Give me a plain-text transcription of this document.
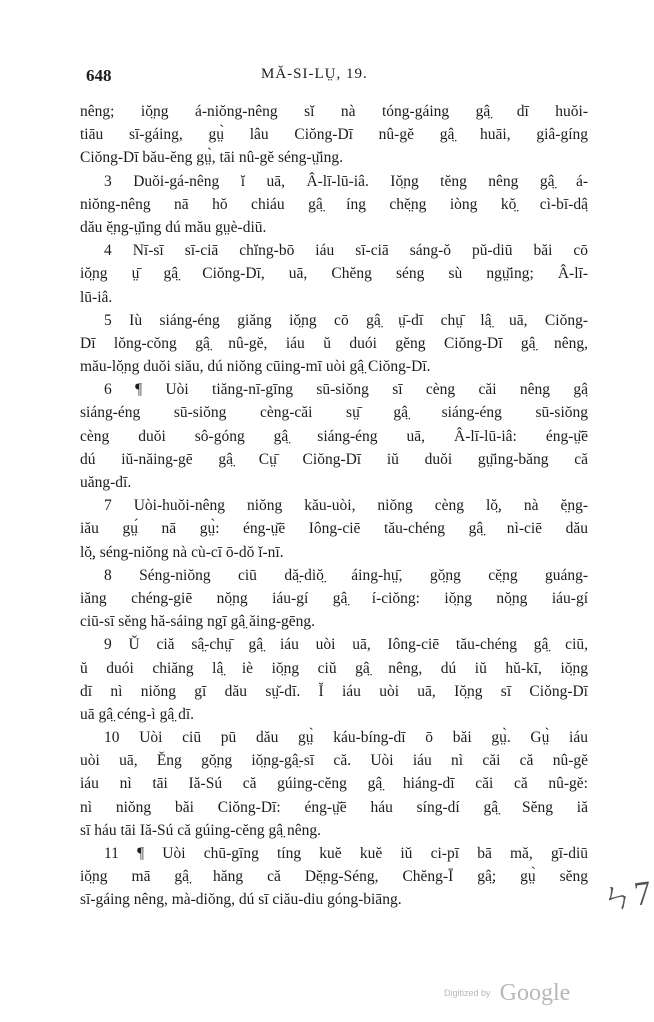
648	MĂ-SI-LṲ, 19.
nêng; iŏ̤ng á-niŏng-nêng sĭ nà tóng-gáing gâ̤ dī huŏi-
tiāu sī-gáing, gṳ̀ lâu Ciŏng-Dī nû-gĕ gâ̤ huāi, giâ-gíng
Ciŏng-Dī bău-ĕng gṳ̀, tāi nû-gĕ séng-ṳ̆ing.
3 Duŏi-gá-nêng ĭ uā, Â-lī-lū-iâ. Iŏ̤ng tĕng nêng gâ̤ á-
niŏng-nêng nā hŏ chiáu gâ̤ íng chĕ̤ng iòng kŏ̤ cì-bī-dâ̤
dău ĕ̤ng-ṳ̆ing dú mău gṳè-diū.
4 Nī-sī sī-ciā chĭng-bō iáu sī-ciā sáng-ŏ pŭ-diū băi cō
iŏ̤ng ṳ̄ gâ̤ Ciŏng-Dī, uā, Chĕng séng sù ngṳ̆ing; Â-lī-
lū-iâ.
5 Iù siáng-éng giăng iŏ̤ng cō gâ̤ ṳ̄-dī chṳ̄ lâ̤ uā, Ciŏng-
Dī lŏng-cŏng gâ̤ nû-gĕ, iáu ŭ duói gĕng Ciŏng-Dī gâ̤ nêng,
mău-lŏ̤ng duŏi siău, dú niŏng cūing-mī uòi gâ̤ Ciŏng-Dī.
6 ¶ Uòi tiăng-nī-gīng sū-siŏng sī cèng căi nêng gâ̤
siáng-éng sū-siŏng cèng-căi sṳ̄ gâ̤ siáng-éng sū-siŏng
cèng duŏi sô-góng gâ̤ siáng-éng uā, Â-lī-lū-iâ: éng-ṳ̆ē
dú iŭ-năing-gē gâ̤ Cṳ̄ Ciŏng-Dī iŭ duŏi gṳ̆ing-băng că
uăng-dī.
7 Uòi-huŏi-nêng niŏng kău-uòi, niŏng cèng lŏ̤, nà ĕ̤ng-
iău gṳ́ nā gṳ̀: éng-ṳ̆ē Iông-ciē tău-chéng gâ̤ nì-ciē dău
lŏ̤, séng-niŏng nà cù-cī ō-dŏ ĭ-nī.
8 Séng-niŏng ciū dă̤-diŏ̤ áing-hṳ̄, gŏ̤ng cĕ̤ng guáng-
iăng chéng-giē nŏ̤ng iáu-gí gâ̤ í-ciŏng: iŏ̤ng nŏ̤ng iáu-gí
ciū-sī sĕng hă-sáing ngī gâ̤ ăing-gēng.
9 Ŭ ciă sâ̤-chṳ̄ gâ̤ iáu uòi uā, Iông-ciē tău-chéng gâ̤ ciū,
ŭ duói chiăng lâ̤ iè iŏ̤ng ciŭ gâ̤ nêng, dú iŭ hŭ-kī, iŏ̤ng
dī nì niŏng gī dău sṳ̆-dī. Ĭ iáu uòi uā, Iŏ̤ng sī Ciŏng-Dī
uā gâ̤ céng-ì gâ̤ dī.
10 Uòi ciū pū dău gṳ̀ káu-bíng-dī ō băi gṳ̀. Gṳ̀ iáu
uòi uā, Ĕng gŏ̤ng iŏ̤ng-gâ̤-sī că. Uòi iáu nì căi că nû-gĕ
iáu nì tāi Iă-Sú că gúing-cĕng gâ̤ hiáng-dī căi că nû-gĕ:
nì niŏng băi Ciŏng-Dī: éng-ṳ̆ē háu síng-dí gâ̤ Sĕng iă
sī háu tāi Iă-Sú că gúing-cĕng gâ̤ nêng.
11 ¶ Uòi chū-gīng tíng kuĕ kuĕ iŭ ci-pī bā mă, gī-diū
iŏ̤ng mā gâ̤ hăng că Dĕ̤ng-Séng, Chĕng-Ī gâ̤; gṳ̀ sĕng
sī-gáing nêng, mà-diŏng, dú sī ciău-diu góng-biāng.	ㄣ7
$^{Digitized by}$ Google
